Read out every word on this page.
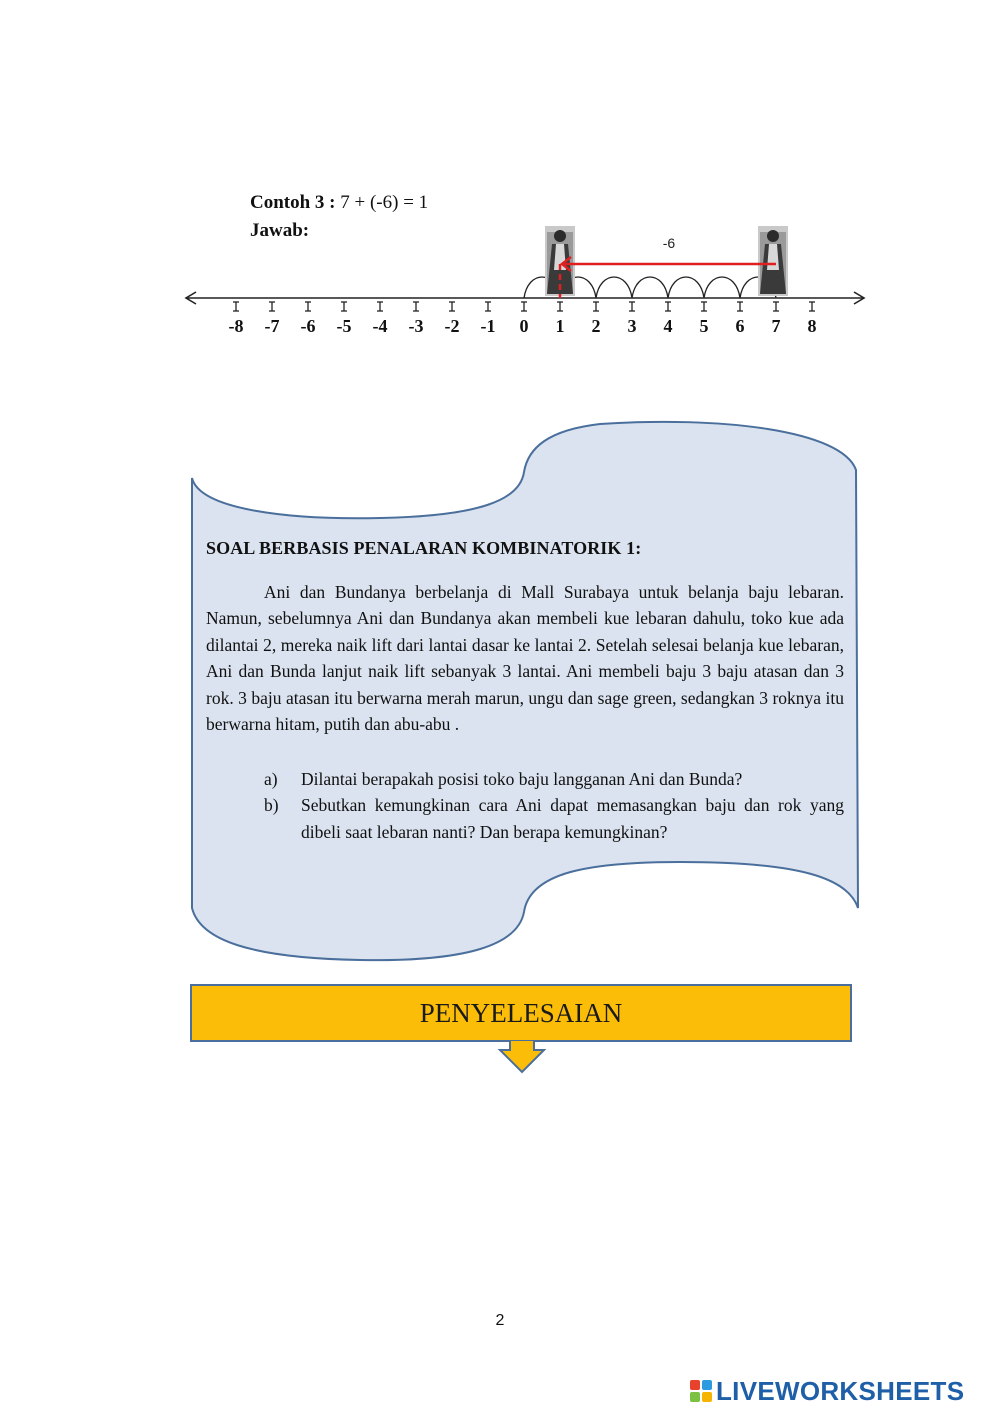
Contoh 3 : 7 + (-6) = 1
Jawab:
-8 -7 -6 -5 -4 -3 -2 -1 0 1 2 3 4 5 6 7 8
-6
SOAL BERBASIS PENALARAN KOMBINATORIK 1:
Ani dan Bundanya berbelanja di Mall Surabaya untuk belanja baju lebaran. Namun, sebelumnya Ani dan Bundanya akan membeli kue lebaran dahulu, toko kue ada dilantai 2, mereka naik lift dari lantai dasar ke lantai 2. Setelah selesai belanja kue lebaran, Ani dan Bunda lanjut naik lift sebanyak 3 lantai. Ani membeli baju 3 baju atasan dan 3 rok. 3 baju atasan itu berwarna merah marun, ungu dan sage green, sedangkan 3 roknya itu berwarna hitam, putih dan abu-abu .
a)	Dilantai berapakah posisi toko baju langganan Ani dan Bunda?
b)	Sebutkan kemungkinan cara Ani dapat memasangkan baju dan rok yang dibeli saat lebaran nanti? Dan berapa kemungkinan?
PENYELESAIAN
2
LIVEWORKSHEETS
